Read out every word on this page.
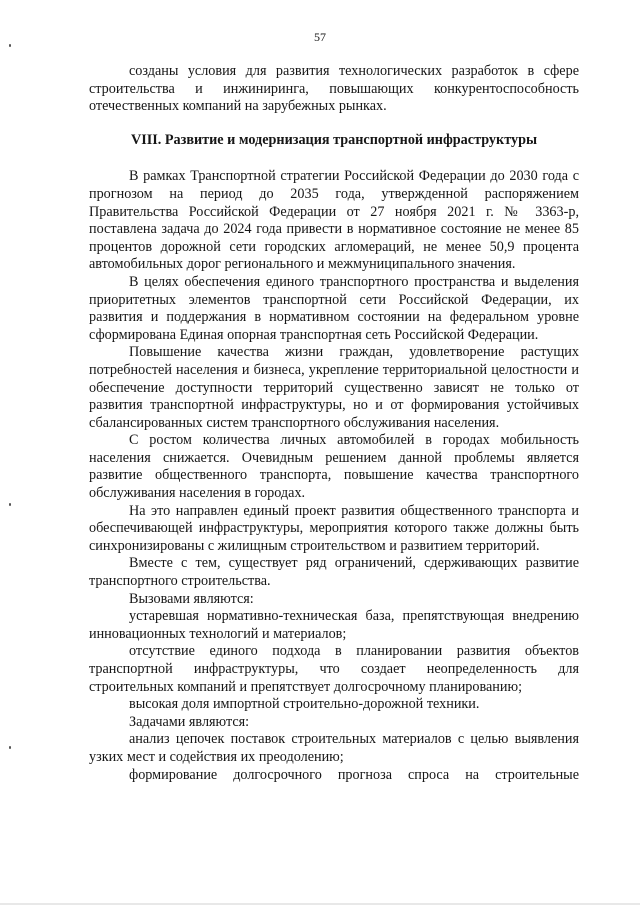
57

созданы условия для развития технологических разработок в сфере строительства и инжиниринга, повышающих конкурентоспособность отечественных компаний на зарубежных рынках.

VIII. Развитие и модернизация транспортной инфраструктуры

В рамках Транспортной стратегии Российской Федерации до 2030 года с прогнозом на период до 2035 года, утвержденной распоряжением Правительства Российской Федерации от 27 ноября 2021 г. № 3363-р, поставлена задача до 2024 года привести в нормативное состояние не менее 85 процентов дорожной сети городских агломераций, не менее 50,9 процента автомобильных дорог регионального и межмуниципального значения.

В целях обеспечения единого транспортного пространства и выделения приоритетных элементов транспортной сети Российской Федерации, их развития и поддержания в нормативном состоянии на федеральном уровне сформирована Единая опорная транспортная сеть Российской Федерации.

Повышение качества жизни граждан, удовлетворение растущих потребностей населения и бизнеса, укрепление территориальной целостности и обеспечение доступности территорий существенно зависят не только от развития транспортной инфраструктуры, но и от формирования устойчивых сбалансированных систем транспортного обслуживания населения.

С ростом количества личных автомобилей в городах мобильность населения снижается. Очевидным решением данной проблемы является развитие общественного транспорта, повышение качества транспортного обслуживания населения в городах.

На это направлен единый проект развития общественного транспорта и обеспечивающей инфраструктуры, мероприятия которого также должны быть синхронизированы с жилищным строительством и развитием территорий.

Вместе с тем, существует ряд ограничений, сдерживающих развитие транспортного строительства.

Вызовами являются:

устаревшая нормативно-техническая база, препятствующая внедрению инновационных технологий и материалов;

отсутствие единого подхода в планировании развития объектов транспортной инфраструктуры, что создает неопределенность для строительных компаний и препятствует долгосрочному планированию;

высокая доля импортной строительно-дорожной техники.

Задачами являются:

анализ цепочек поставок строительных материалов с целью выявления узких мест и содействия их преодолению;

формирование долгосрочного прогноза спроса на строительные
